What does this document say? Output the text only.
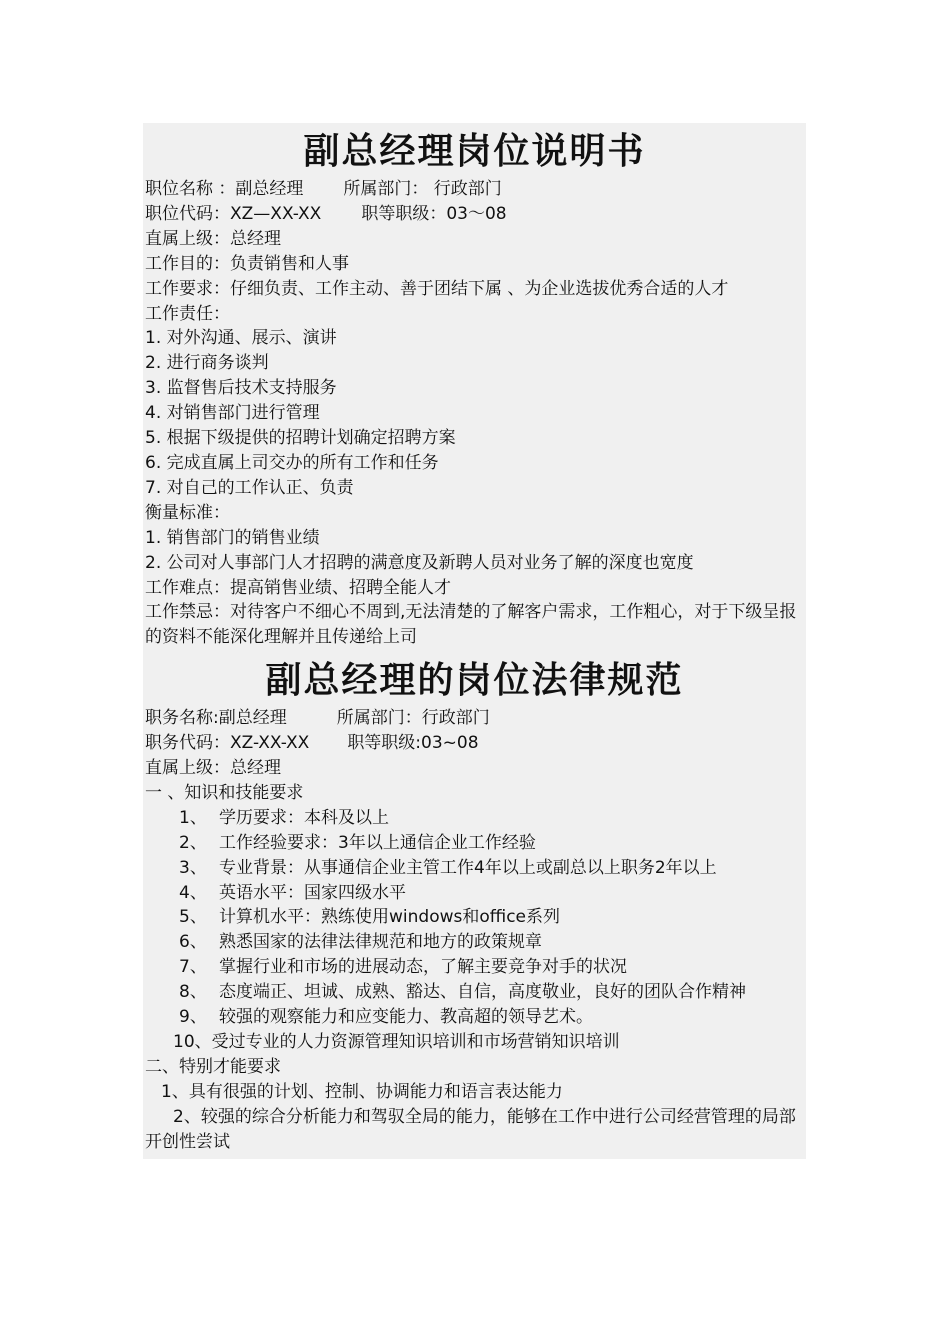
副总经理岗位说明书
职位名称 ：副总经理 所属部门： 行政部门
职位代码：XZ—XX-XX 职等职级：03～08
直属上级：总经理
工作目的：负责销售和人事
工作要求：仔细负责、工作主动、善于团结下属 、为企业选拔优秀合适的人才
工作责任：
1. 对外沟通、展示、演讲
2. 进行商务谈判
3. 监督售后技术支持服务
4. 对销售部门进行管理
5. 根据下级提供的招聘计划确定招聘方案
6. 完成直属上司交办的所有工作和任务
7. 对自己的工作认正、负责
衡量标准：
1. 销售部门的销售业绩
2. 公司对人事部门人才招聘的满意度及新聘人员对业务了解的深度也宽度
工作难点：提高销售业绩、招聘全能人才
工作禁忌：对待客户不细心不周到,无法清楚的了解客户需求，工作粗心，对于下级呈报的资料不能深化理解并且传递给上司
副总经理的岗位法律规范
职务名称:副总经理	所属部门：行政部门
职务代码：XZ-XX-XX 职等职级:03~08
直属上级：总经理
一 、知识和技能要求
1、 学历要求：本科及以上
2、 工作经验要求：3年以上通信企业工作经验
3、 专业背景：从事通信企业主管工作4年以上或副总以上职务2年以上
4、 英语水平：国家四级水平
5、 计算机水平：熟练使用windows和office系列
6、 熟悉国家的法律法律规范和地方的政策规章
7、 掌握行业和市场的进展动态，了解主要竞争对手的状况
8、 态度端正、坦诚、成熟、豁达、自信，高度敬业，良好的团队合作精神
9、 较强的观察能力和应变能力、教高超的领导艺术。
10、受过专业的人力资源管理知识培训和市场营销知识培训
二、特别才能要求
1、具有很强的计划、控制、协调能力和语言表达能力
2、较强的综合分析能力和驾驭全局的能力，能够在工作中进行公司经营管理的局部开创性尝试
